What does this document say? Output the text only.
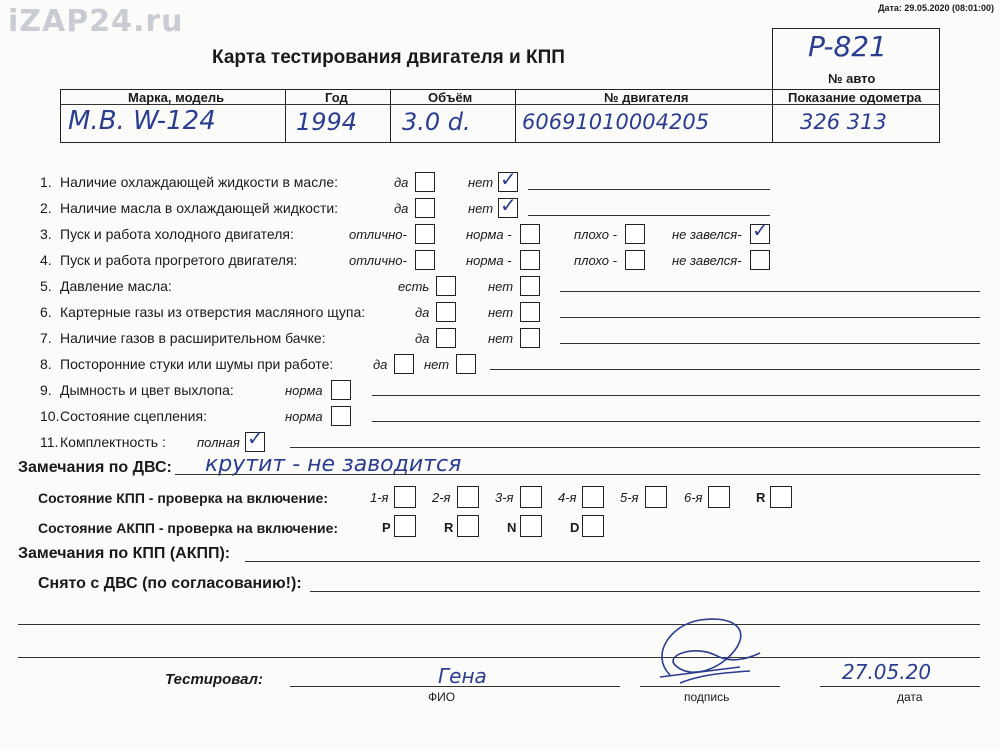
iZAP24.ru	Дата: 29.05.2020 (08:01:00)
Карта тестирования двигателя и КПП	P-821
№ авто
Марка, модель	Год	Объём	№ двигателя	Показание одометра
M.B. W-124	1994 3.0 d. 60691010004205	326 313
1. Наличие охлаждающей жидкости в масле:	да	нет ✓
2. Наличие масла в охлаждающей жидкости:	да	нет ✓
3. Пуск и работа холодного двигателя:	отлично-	норма -	плохо -	не завелся- ✓
4. Пуск и работа прогретого двигателя:	отлично-	норма -	плохо -	не завелся-
5. Давление масла:	есть	нет
6. Картерные газы из отверстия масляного щупа:	да	нет
7. Наличие газов в расширительном бачке:	да	нет
8. Посторонние стуки или шумы при работе:	да	нет
9. Дымность и цвет выхлопа:	норма
10. Состояние сцепления:	норма
11. Комплектность : полная ✓
Замечания по ДВС: крутит - не заводится
Состояние КПП - проверка на включение:	1-я	2-я	3-я	4-я	5-я	6-я	R
Состояние АКПП - проверка на включение:	P	R	N	D
Замечания по КПП (АКПП):
Снято с ДВС (по согласованию!):
Тестировал:	Гена	27.05.20
ФИО	подпись	дата
